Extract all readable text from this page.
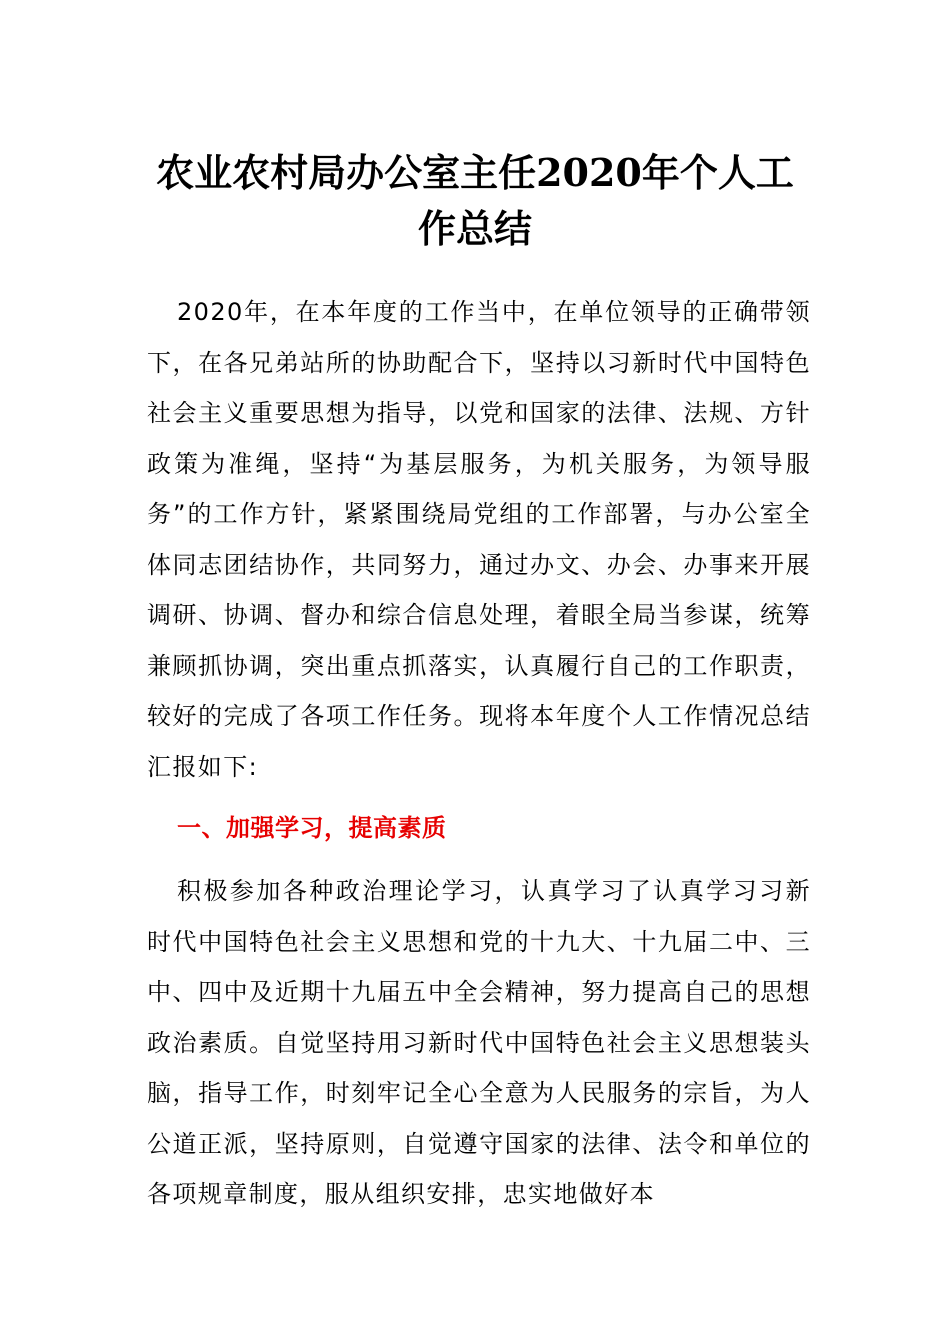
农业农村局办公室主任2020年个人工作总结

2020年，在本年度的工作当中，在单位领导的正确带领下，在各兄弟站所的协助配合下，坚持以习新时代中国特色社会主义重要思想为指导，以党和国家的法律、法规、方针政策为准绳，坚持“为基层服务，为机关服务，为领导服务”的工作方针，紧紧围绕局党组的工作部署，与办公室全体同志团结协作，共同努力，通过办文、办会、办事来开展调研、协调、督办和综合信息处理，着眼全局当参谋，统筹兼顾抓协调，突出重点抓落实，认真履行自己的工作职责，较好的完成了各项工作任务。现将本年度个人工作情况总结汇报如下:

一、加强学习，提高素质

积极参加各种政治理论学习，认真学习了认真学习习新时代中国特色社会主义思想和党的十九大、十九届二中、三中、四中及近期十九届五中全会精神，努力提高自己的思想政治素质。自觉坚持用习新时代中国特色社会主义思想装头脑，指导工作，时刻牢记全心全意为人民服务的宗旨，为人公道正派，坚持原则，自觉遵守国家的法律、法令和单位的各项规章制度，服从组织安排，忠实地做好本
